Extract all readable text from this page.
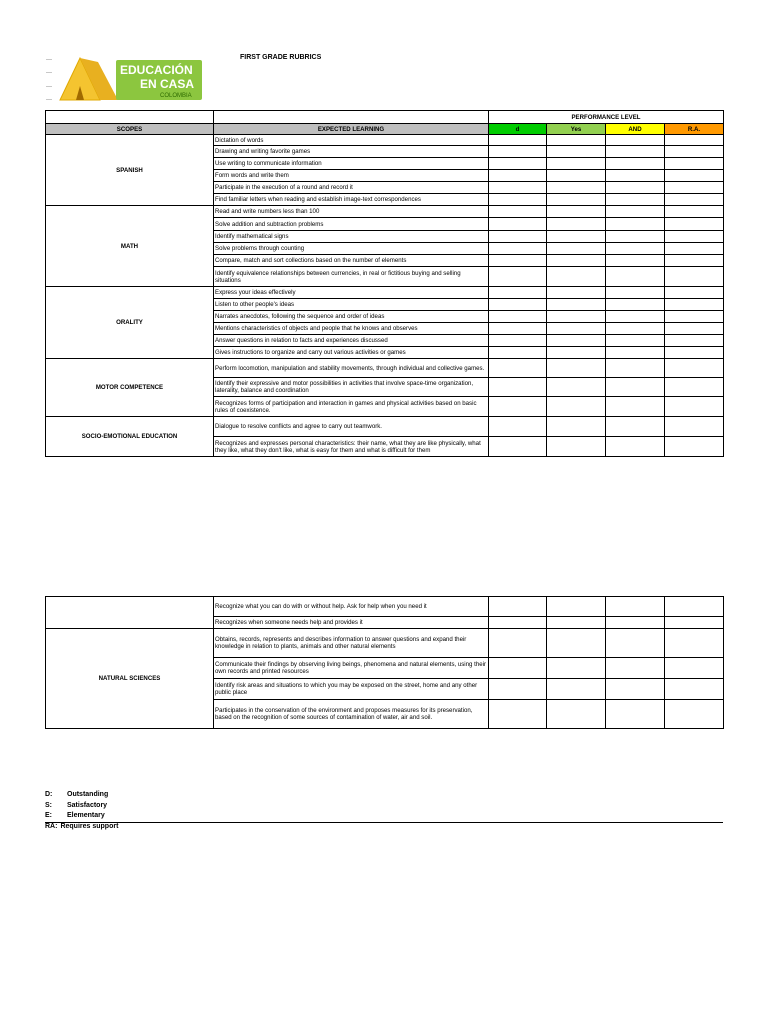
EDUCACIÓN
EN CASA
COLOMBIA
FIRST GRADE RUBRICS
		PERFORMANCE LEVEL			
SCOPES	EXPECTED LEARNING	d	Yes	AND	R.A.
SPANISH	Dictation of words				
	Drawing and writing favorite games				
	Use writing to communicate information				
	Form words and write them				
	Participate in the execution of a round and record it				
	Find familiar letters when reading and establish image-text correspondences				
MATH	Read and write numbers less than 100				
	Solve addition and subtraction problems				
	Identify mathematical signs				
	Solve problems through counting				
	Compare, match and sort collections based on the number of elements				
	Identify equivalence relationships between currencies, in real or fictitious buying and selling situations				
ORALITY	Express your ideas effectively				
	Listen to other people's ideas				
	Narrates anecdotes, following the sequence and order of ideas				
	Mentions characteristics of objects and people that he knows and observes				
	Answer questions in relation to facts and experiences discussed				
	Gives instructions to organize and carry out various activities or games				
MOTOR COMPETENCE	Perform locomotion, manipulation and stability movements, through individual and collective games.				
	Identify their expressive and motor possibilities in activities that involve space-time organization, laterality, balance and coordination				
	Recognizes forms of participation and interaction in games and physical activities based on basic rules of coexistence.				
SOCIO-EMOTIONAL EDUCATION	Dialogue to resolve conflicts and agree to carry out teamwork.				
	Recognizes and expresses personal characteristics: their name, what they are like physically, what they like, what they don't like, what is easy for them and what is difficult for them				
	Recognize what you can do with or without help. Ask for help when you need it				
	Recognizes when someone needs help and provides it				
NATURAL SCIENCES	Obtains, records, represents and describes information to answer questions and expand their knowledge in relation to plants, animals and other natural elements				
	Communicate their findings by observing living beings, phenomena and natural elements, using their own records and printed resources				
	Identify risk areas and situations to which you may be exposed on the street, home and any other public place				
	Participates in the conservation of the environment and proposes measures for its preservation, based on the recognition of some sources of contamination of water, air and soil.				
D: Outstanding
S: Satisfactory
E: Elementary
RA: Requires support
